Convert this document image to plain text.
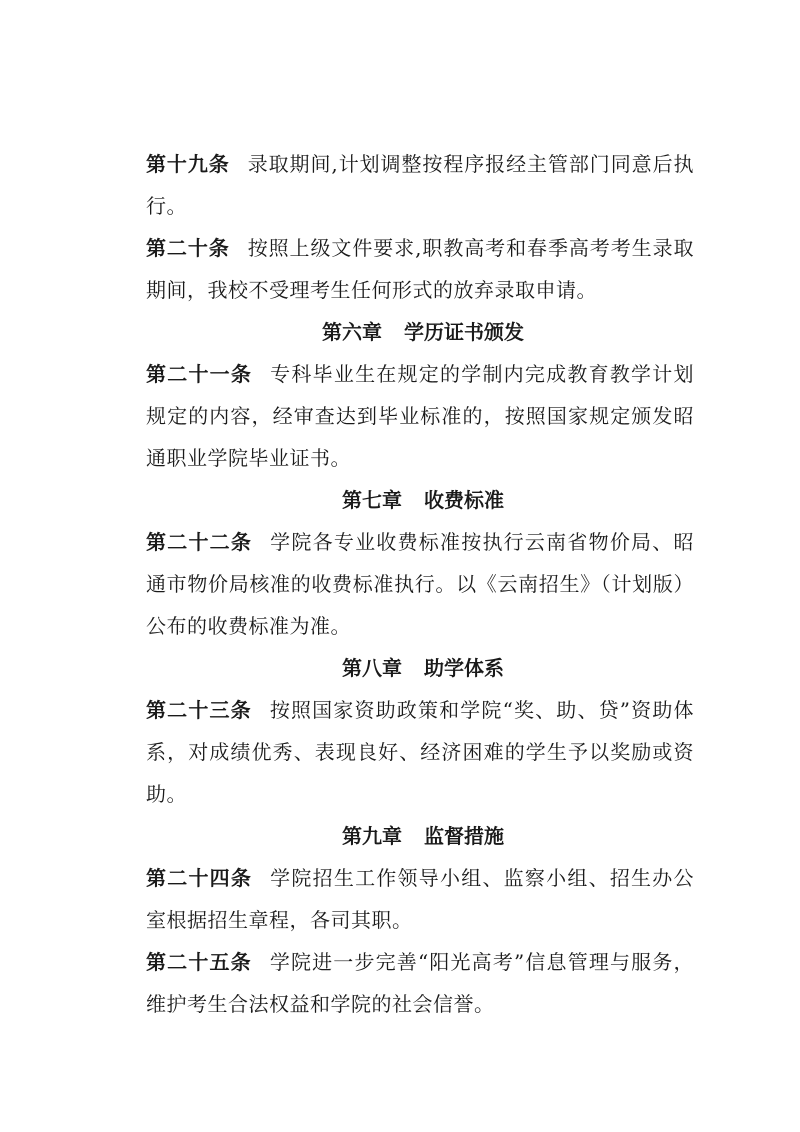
第十九条 录取期间,计划调整按程序报经主管部门同意后执行。

第二十条 按照上级文件要求,职教高考和春季高考考生录取期间，我校不受理考生任何形式的放弃录取申请。

第六章 学历证书颁发

第二十一条 专科毕业生在规定的学制内完成教育教学计划规定的内容，经审查达到毕业标准的，按照国家规定颁发昭通职业学院毕业证书。

第七章 收费标准

第二十二条 学院各专业收费标准按执行云南省物价局、昭通市物价局核准的收费标准执行。以《云南招生》（计划版）公布的收费标准为准。

第八章 助学体系

第二十三条 按照国家资助政策和学院“奖、助、贷”资助体系，对成绩优秀、表现良好、经济困难的学生予以奖励或资助。

第九章 监督措施

第二十四条 学院招生工作领导小组、监察小组、招生办公室根据招生章程，各司其职。

第二十五条 学院进一步完善“阳光高考”信息管理与服务，维护考生合法权益和学院的社会信誉。
